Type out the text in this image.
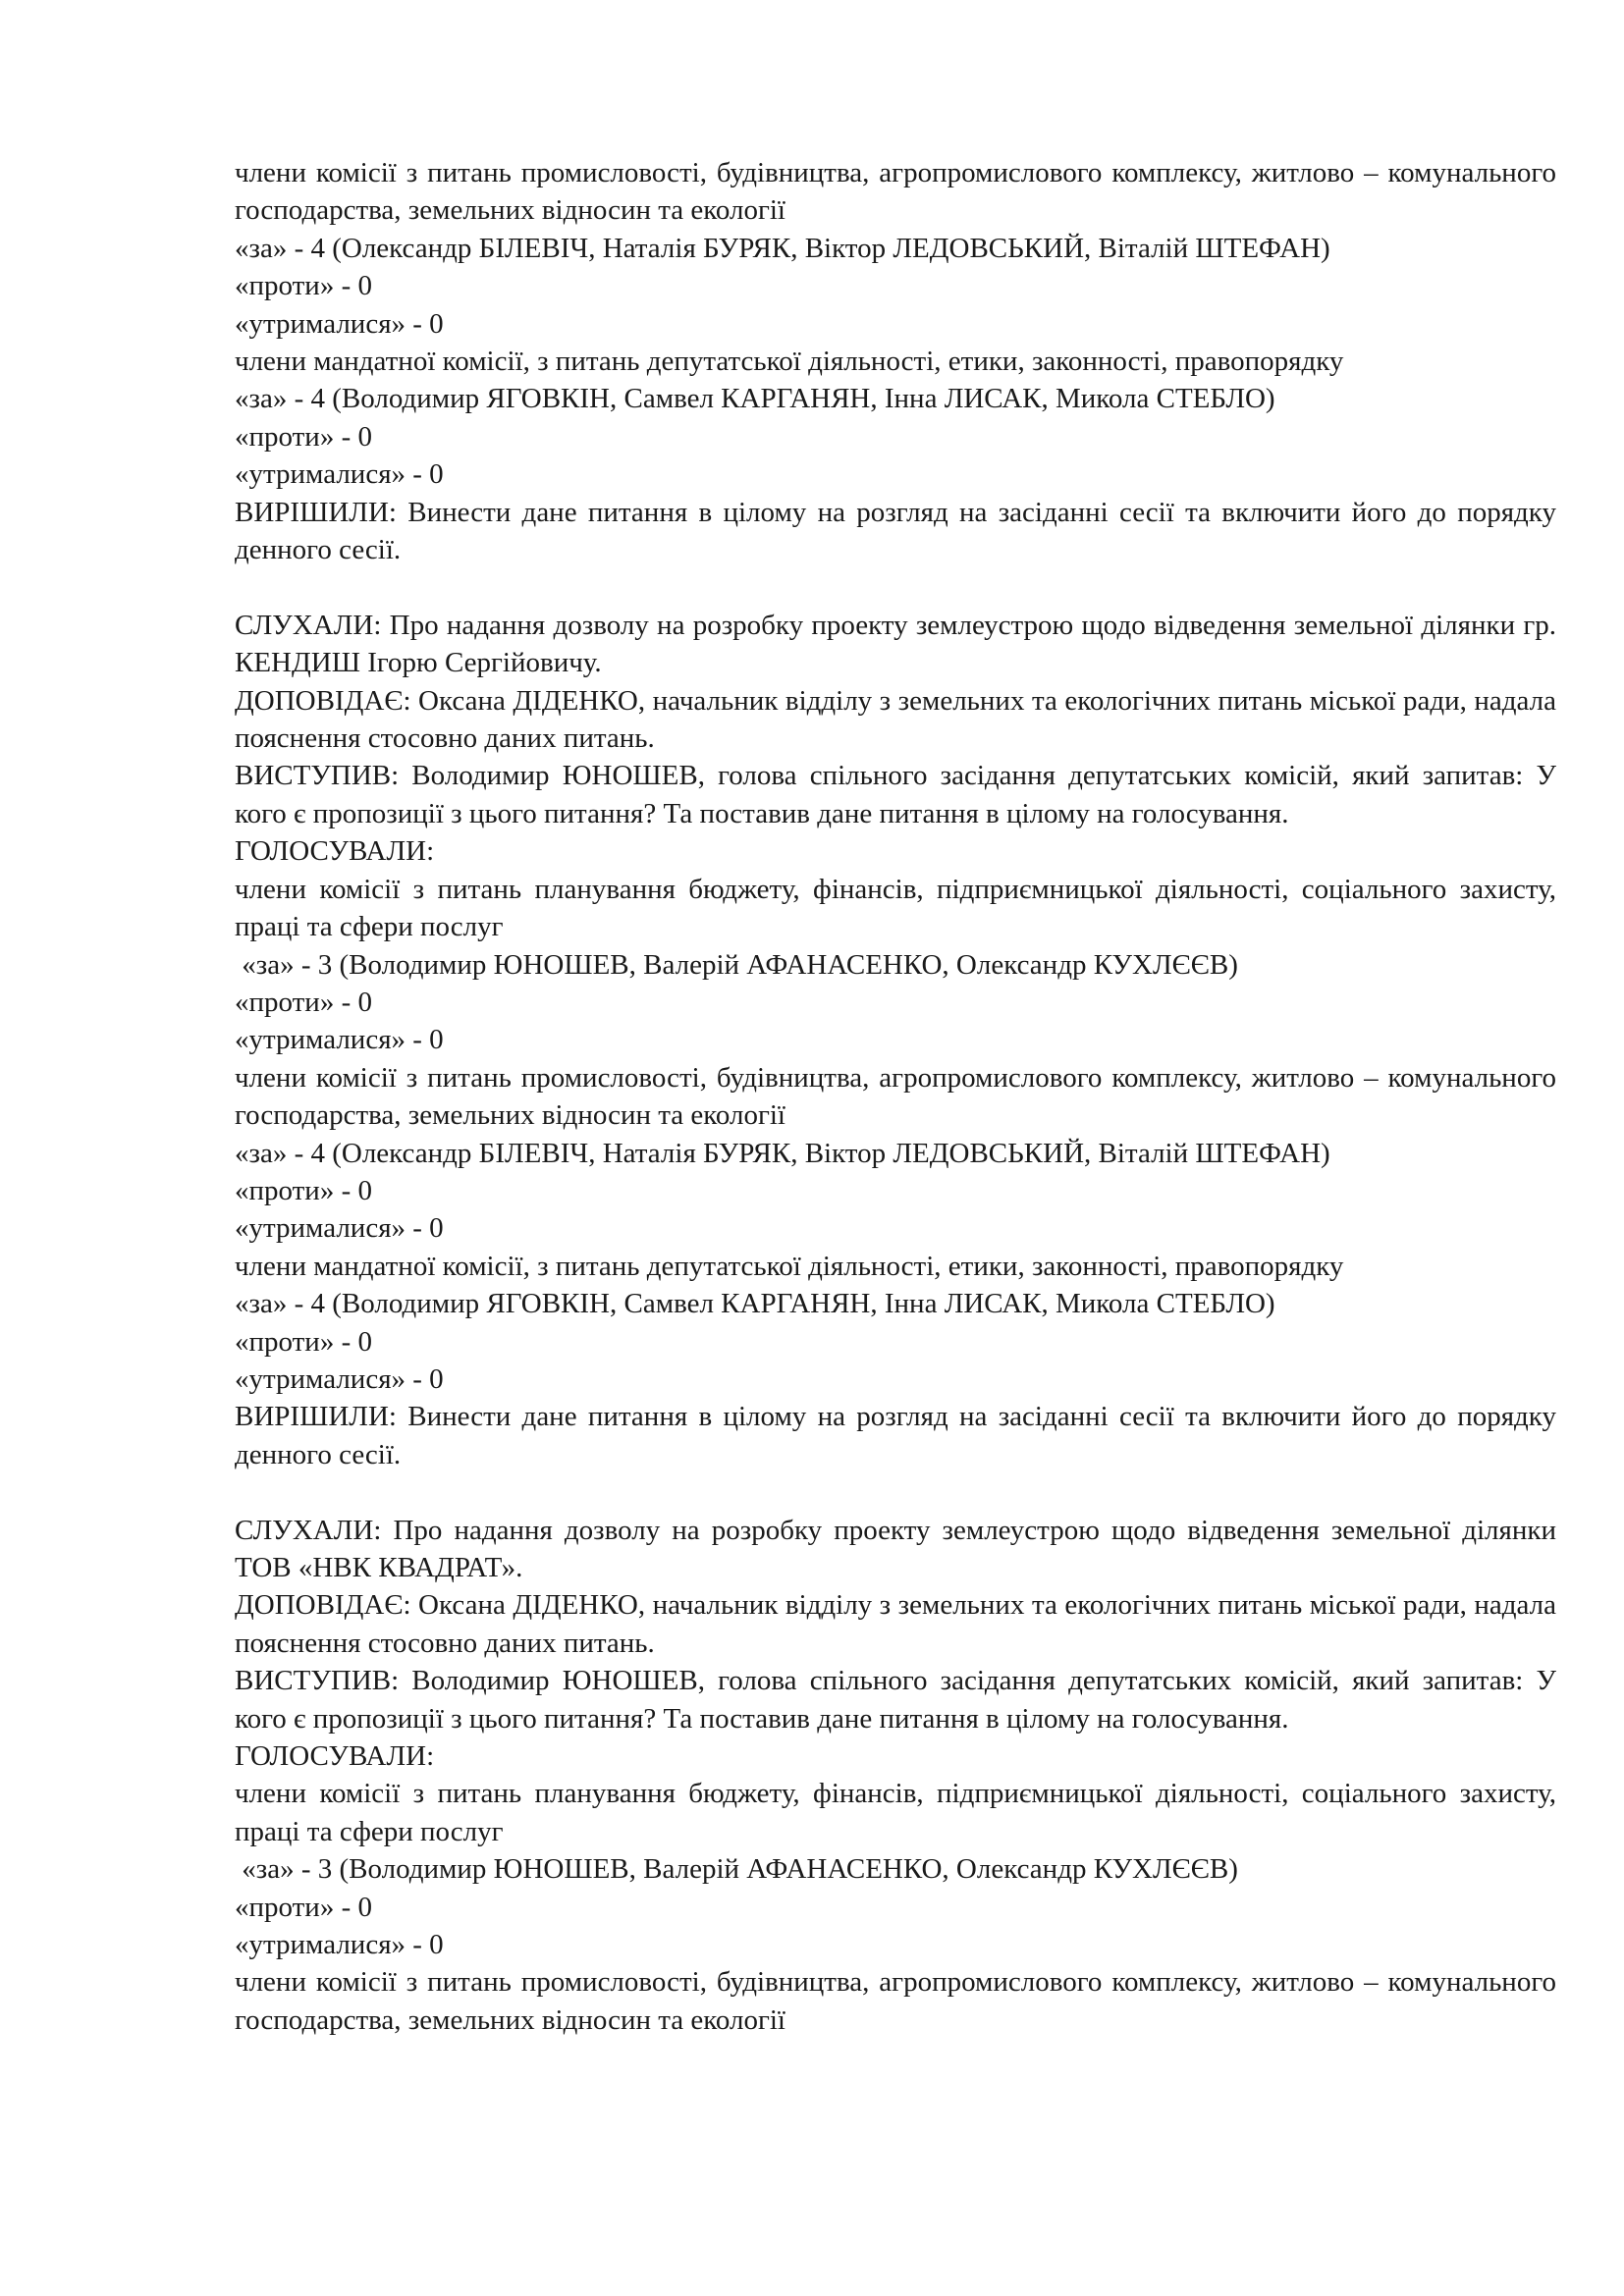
члени комісії з питань промисловості, будівництва, агропромислового комплексу, житлово – комунального господарства, земельних відносин та екології

«за» - 4 (Олександр БІЛЕВІЧ, Наталія БУРЯК, Віктор ЛЕДОВСЬКИЙ, Віталій ШТЕФАН)

«проти» - 0

«утрималися» - 0

члени мандатної комісії, з питань депутатської діяльності, етики, законності, правопорядку

«за» - 4 (Володимир ЯГОВКІН, Самвел КАРГАНЯН, Інна ЛИСАК, Микола СТЕБЛО)

«проти» - 0

«утрималися» - 0

ВИРІШИЛИ: Винести дане питання в цілому на розгляд на засіданні сесії та включити його до порядку денного сесії.

СЛУХАЛИ: Про надання дозволу на розробку проекту землеустрою щодо відведення земельної ділянки гр. КЕНДИШ Ігорю Сергійовичу.

ДОПОВІДАЄ: Оксана ДІДЕНКО, начальник відділу з земельних та екологічних питань міської ради, надала пояснення стосовно даних питань.

ВИСТУПИВ: Володимир ЮНОШЕВ, голова спільного засідання депутатських комісій, який запитав: У кого є пропозиції з цього питання? Та поставив дане питання в цілому на голосування.

ГОЛОСУВАЛИ:

члени комісії з питань планування бюджету, фінансів, підприємницької діяльності, соціального захисту, праці та сфери послуг

«за» - 3 (Володимир ЮНОШЕВ, Валерій АФАНАСЕНКО, Олександр КУХЛЄЄВ)

«проти» - 0

«утрималися» - 0

члени комісії з питань промисловості, будівництва, агропромислового комплексу, житлово – комунального господарства, земельних відносин та екології

«за» - 4 (Олександр БІЛЕВІЧ, Наталія БУРЯК, Віктор ЛЕДОВСЬКИЙ, Віталій ШТЕФАН)

«проти» - 0

«утрималися» - 0

члени мандатної комісії, з питань депутатської діяльності, етики, законності, правопорядку

«за» - 4 (Володимир ЯГОВКІН, Самвел КАРГАНЯН, Інна ЛИСАК, Микола СТЕБЛО)

«проти» - 0

«утрималися» - 0

ВИРІШИЛИ: Винести дане питання в цілому на розгляд на засіданні сесії та включити його до порядку денного сесії.

СЛУХАЛИ: Про надання дозволу на розробку проекту землеустрою щодо відведення земельної ділянки ТОВ «НВК КВАДРАТ».

ДОПОВІДАЄ: Оксана ДІДЕНКО, начальник відділу з земельних та екологічних питань міської ради, надала пояснення стосовно даних питань.

ВИСТУПИВ: Володимир ЮНОШЕВ, голова спільного засідання депутатських комісій, який запитав: У кого є пропозиції з цього питання? Та поставив дане питання в цілому на голосування.

ГОЛОСУВАЛИ:

члени комісії з питань планування бюджету, фінансів, підприємницької діяльності, соціального захисту, праці та сфери послуг

«за» - 3 (Володимир ЮНОШЕВ, Валерій АФАНАСЕНКО, Олександр КУХЛЄЄВ)

«проти» - 0

«утрималися» - 0

члени комісії з питань промисловості, будівництва, агропромислового комплексу, житлово – комунального господарства, земельних відносин та екології
